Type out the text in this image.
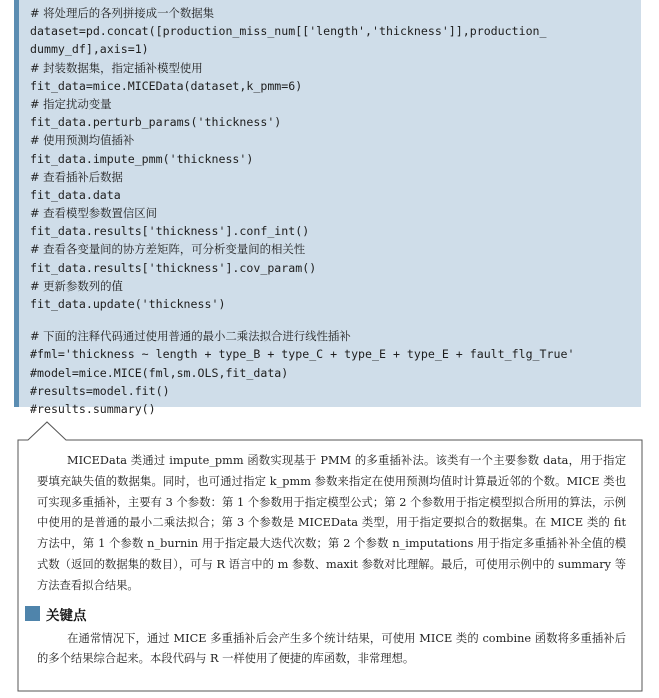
# 将处理后的各列拼接成一个数据集
dataset=pd.concat([production_miss_num[['length','thickness']],production_
dummy_df],axis=1)
# 封装数据集，指定插补模型使用
fit_data=mice.MICEData(dataset,k_pmm=6)
# 指定扰动变量
fit_data.perturb_params('thickness')
# 使用预测均值插补
fit_data.impute_pmm('thickness')
# 查看插补后数据
fit_data.data
# 查看模型参数置信区间
fit_data.results['thickness'].conf_int()
# 查看各变量间的协方差矩阵，可分析变量间的相关性
fit_data.results['thickness'].cov_param()
# 更新参数列的值
fit_data.update('thickness')
# 下面的注释代码通过使用普通的最小二乘法拟合进行线性插补
#fml='thickness ~ length + type_B + type_C + type_E + type_E + fault_flg_True'
#model=mice.MICE(fml,sm.OLS,fit_data)
#results=model.fit()
#results.summary()
MICEData 类通过 impute_pmm 函数实现基于 PMM 的多重插补法。该类有一个主要参数 data，用于指定要填充缺失值的数据集。同时，也可通过指定 k_pmm 参数来指定在使用预测均值时计算最近邻的个数。MICE 类也可实现多重插补，主要有 3 个参数：第 1 个参数用于指定模型公式；第 2 个参数用于指定模型拟合所用的算法，示例中使用的是普通的最小二乘法拟合；第 3 个参数是 MICEData 类型，用于指定要拟合的数据集。在 MICE 类的 fit 方法中，第 1 个参数 n_burnin 用于指定最大迭代次数；第 2 个参数 n_imputations 用于指定多重插补补全值的模式数（返回的数据集的数目），可与 R 语言中的 m 参数、maxit 参数对比理解。最后，可使用示例中的 summary 等方法查看拟合结果。
关键点
在通常情况下，通过 MICE 多重插补后会产生多个统计结果，可使用 MICE 类的 combine 函数将多重插补后的多个结果综合起来。本段代码与 R 一样使用了便捷的库函数，非常理想。
